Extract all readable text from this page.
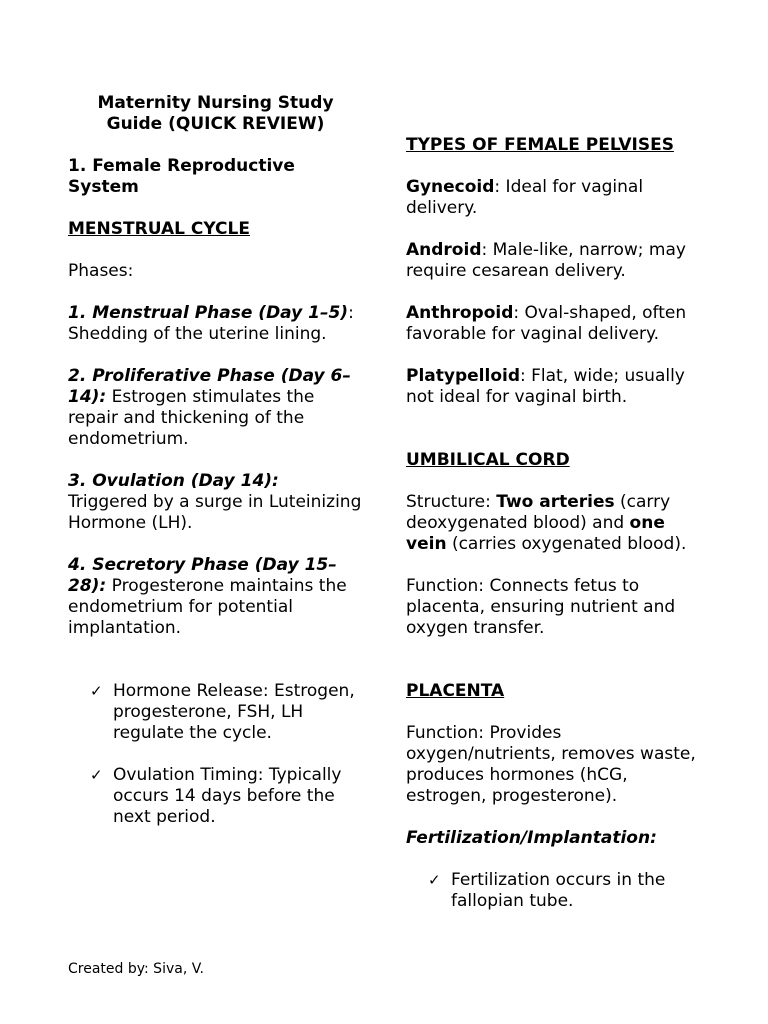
Maternity Nursing Study Guide (QUICK REVIEW)

1. Female Reproductive System

MENSTRUAL CYCLE

Phases:

1. Menstrual Phase (Day 1–5): Shedding of the uterine lining.

2. Proliferative Phase (Day 6–14): Estrogen stimulates the repair and thickening of the endometrium.

3. Ovulation (Day 14): Triggered by a surge in Luteinizing Hormone (LH).

4. Secretory Phase (Day 15–28): Progesterone maintains the endometrium for potential implantation.

✓ Hormone Release: Estrogen, progesterone, FSH, LH regulate the cycle.
✓ Ovulation Timing: Typically occurs 14 days before the next period.

TYPES OF FEMALE PELVISES

Gynecoid: Ideal for vaginal delivery.

Android: Male-like, narrow; may require cesarean delivery.

Anthropoid: Oval-shaped, often favorable for vaginal delivery.

Platypelloid: Flat, wide; usually not ideal for vaginal birth.

UMBILICAL CORD

Structure: Two arteries (carry deoxygenated blood) and one vein (carries oxygenated blood).

Function: Connects fetus to placenta, ensuring nutrient and oxygen transfer.

PLACENTA

Function: Provides oxygen/nutrients, removes waste, produces hormones (hCG, estrogen, progesterone).

Fertilization/Implantation:

✓ Fertilization occurs in the fallopian tube.
Created by: Siva, V.
